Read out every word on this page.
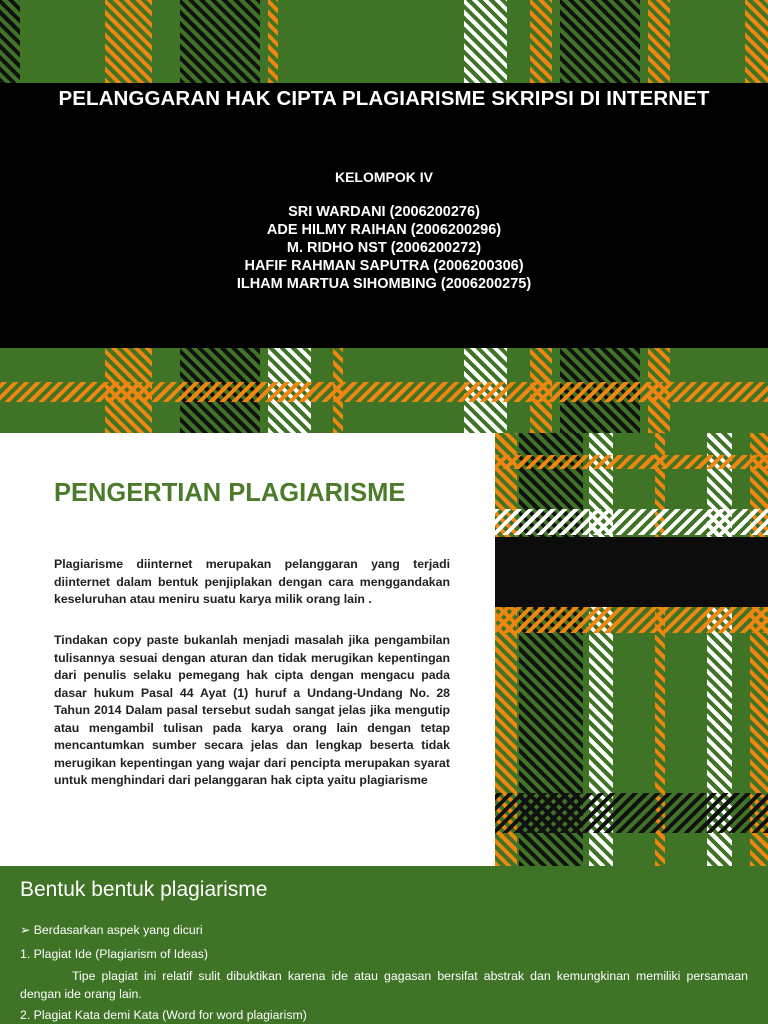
PELANGGARAN HAK CIPTA PLAGIARISME SKRIPSI DI INTERNET
KELOMPOK IV
SRI WARDANI (2006200276)
ADE HILMY RAIHAN (2006200296)
M. RIDHO NST (2006200272)
HAFIF RAHMAN SAPUTRA (2006200306)
ILHAM MARTUA SIHOMBING (2006200275)
PENGERTIAN PLAGIARISME
Plagiarisme diinternet merupakan pelanggaran yang terjadi diinternet dalam bentuk penjiplakan dengan cara menggandakan keseluruhan atau meniru suatu karya milik orang lain .
Tindakan copy paste bukanlah menjadi masalah jika pengambilan tulisannya sesuai dengan aturan dan tidak merugikan kepentingan dari penulis selaku pemegang hak cipta dengan mengacu pada dasar hukum Pasal 44 Ayat (1) huruf a Undang-Undang No. 28 Tahun 2014 Dalam pasal tersebut sudah sangat jelas jika mengutip atau mengambil tulisan pada karya orang lain dengan tetap mencantumkan sumber secara jelas dan lengkap beserta tidak merugikan kepentingan yang wajar dari pencipta merupakan syarat untuk menghindari dari pelanggaran hak cipta yaitu plagiarisme
Bentuk bentuk plagiarisme
➢ Berdasarkan aspek yang dicuri
1. Plagiat Ide (Plagiarism of Ideas)
Tipe plagiat ini relatif sulit dibuktikan karena ide atau gagasan bersifat abstrak dan kemungkinan memiliki persamaan dengan ide orang lain.
2. Plagiat Kata demi Kata (Word for word plagiarism)
